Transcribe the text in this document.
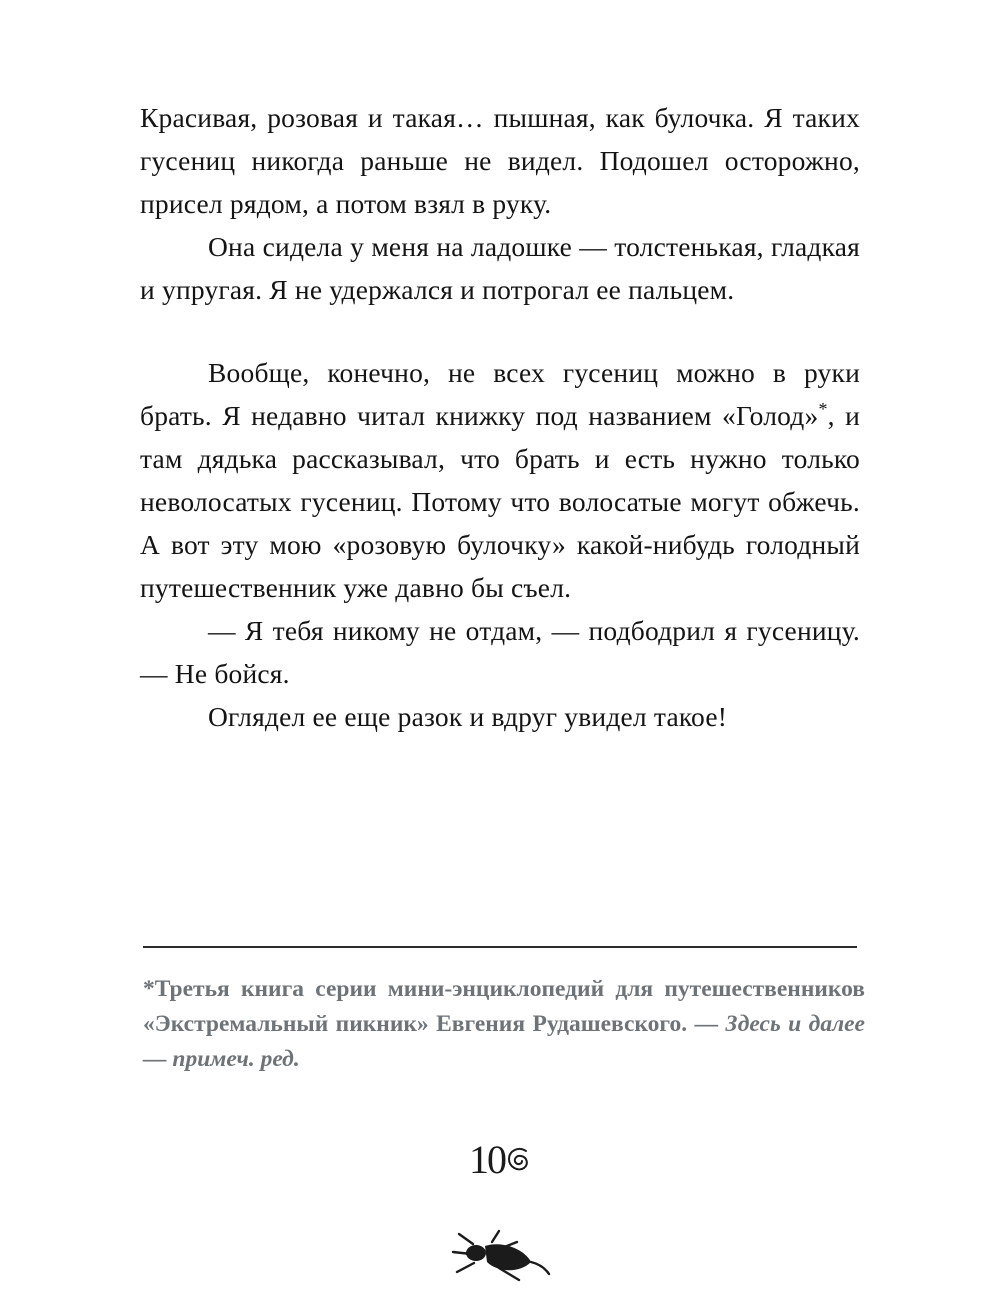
Красивая, розовая и такая… пышная, как булочка. Я таких гусениц никогда раньше не видел. Подошел осторожно, присел рядом, а потом взял в руку.

Она сидела у меня на ладошке — толстенькая, гладкая и упругая. Я не удержался и потрогал ее пальцем.

Вообще, конечно, не всех гусениц можно в руки брать. Я недавно читал книжку под названием «Голод»*, и там дядька рассказывал, что брать и есть нужно только неволосатых гусениц. Потому что волосатые могут обжечь. А вот эту мою «розовую булочку» какой-нибудь голодный путешественник уже давно бы съел.

— Я тебя никому не отдам, — подбодрил я гусеницу. — Не бойся.

Оглядел ее еще разок и вдруг увидел такое!

*Третья книга серии мини-энциклопедий для путешественников «Экстремальный пикник» Евгения Рудашевского. — Здесь и далее — примеч. ред.
10
